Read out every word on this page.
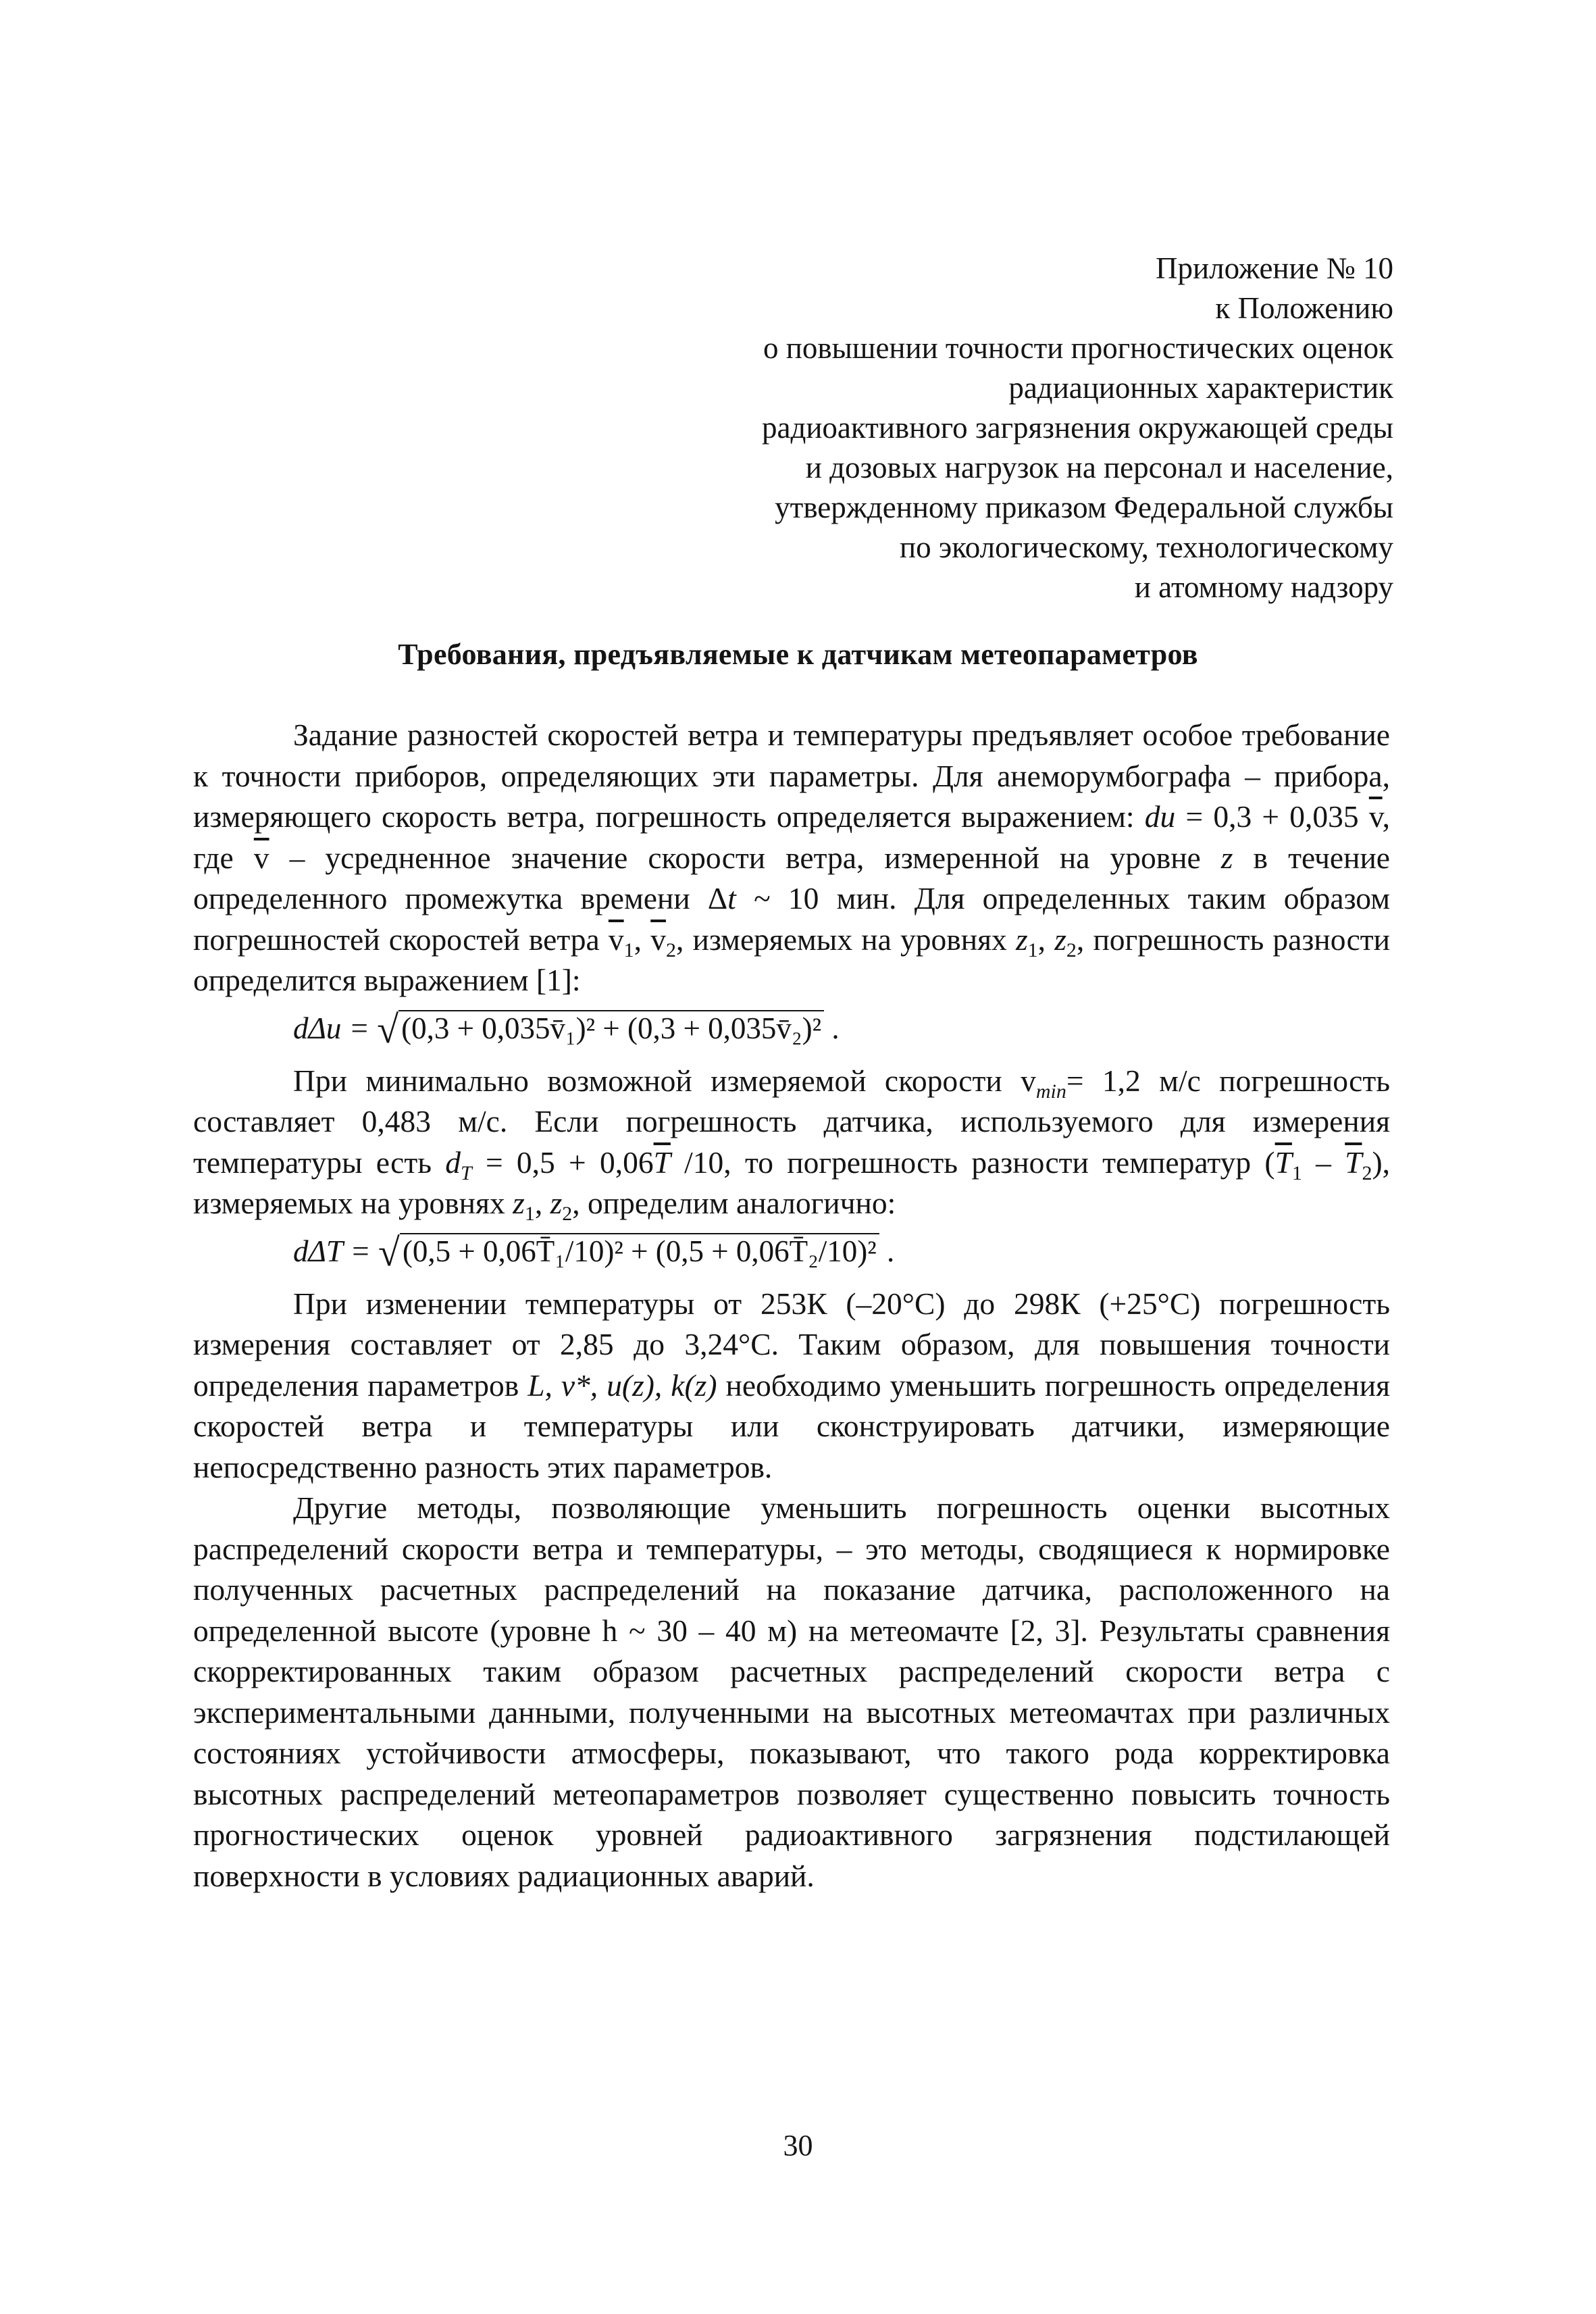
Приложение № 10
к Положению
о повышении точности прогностических оценок
радиационных характеристик
радиоактивного загрязнения окружающей среды
и дозовых нагрузок на персонал и население,
утвержденному приказом Федеральной службы
по экологическому, технологическому
и атомному надзору
Требования, предъявляемые к датчикам метеопараметров

Задание разностей скоростей ветра и температуры предъявляет особое требование к точности приборов, определяющих эти параметры. Для анеморумбографа – прибора, измеряющего скорость ветра, погрешность определяется выражением: du = 0,3 + 0,035 $\overline{v}$, где $\overline{v}$ – усредненное значение скорости ветра, измеренной на уровне z в течение определенного промежутка времени Δt ~ 10 мин. Для определенных таким образом погрешностей скоростей ветра $\overline{v}_1$, $\overline{v}_2$, измеряемых на уровнях $z_1$, $z_2$, погрешность разности определится выражением [1]:

dΔu = √(0,3 + 0,035v̄₁)² + (0,3 + 0,035v̄₂)² .

При минимально возможной измеряемой скорости $v_{min}= 1,2$ м/с погрешность составляет 0,483 м/с. Если погрешность датчика, используемого для измерения температуры есть $d_T = 0,5 + 0,06\overline{T}$ /10, то погрешность разности температур $(\overline{T}_1 - \overline{T}_2)$, измеряемых на уровнях $z_1$, $z_2$, определим аналогично:

dΔT = √(0,5 + 0,06T̄₁/10)² + (0,5 + 0,06T̄₂/10)² .

При изменении температуры от 253К (–20°С) до 298К (+25°С) погрешность измерения составляет от 2,85 до 3,24°С. Таким образом, для повышения точности определения параметров L, v*, u(z), k(z) необходимо уменьшить погрешность определения скоростей ветра и температуры или сконструировать датчики, измеряющие непосредственно разность этих параметров.

Другие методы, позволяющие уменьшить погрешность оценки высотных распределений скорости ветра и температуры, – это методы, сводящиеся к нормировке полученных расчетных распределений на показание датчика, расположенного на определенной высоте (уровне h ~ 30 – 40 м) на метеомачте [2, 3]. Результаты сравнения скорректированных таким образом расчетных распределений скорости ветра с экспериментальными данными, полученными на высотных метеомачтах при различных состояниях устойчивости атмосферы, показывают, что такого рода корректировка высотных распределений метеопараметров позволяет существенно повысить точность прогностических оценок уровней радиоактивного загрязнения подстилающей поверхности в условиях радиационных аварий.

30
